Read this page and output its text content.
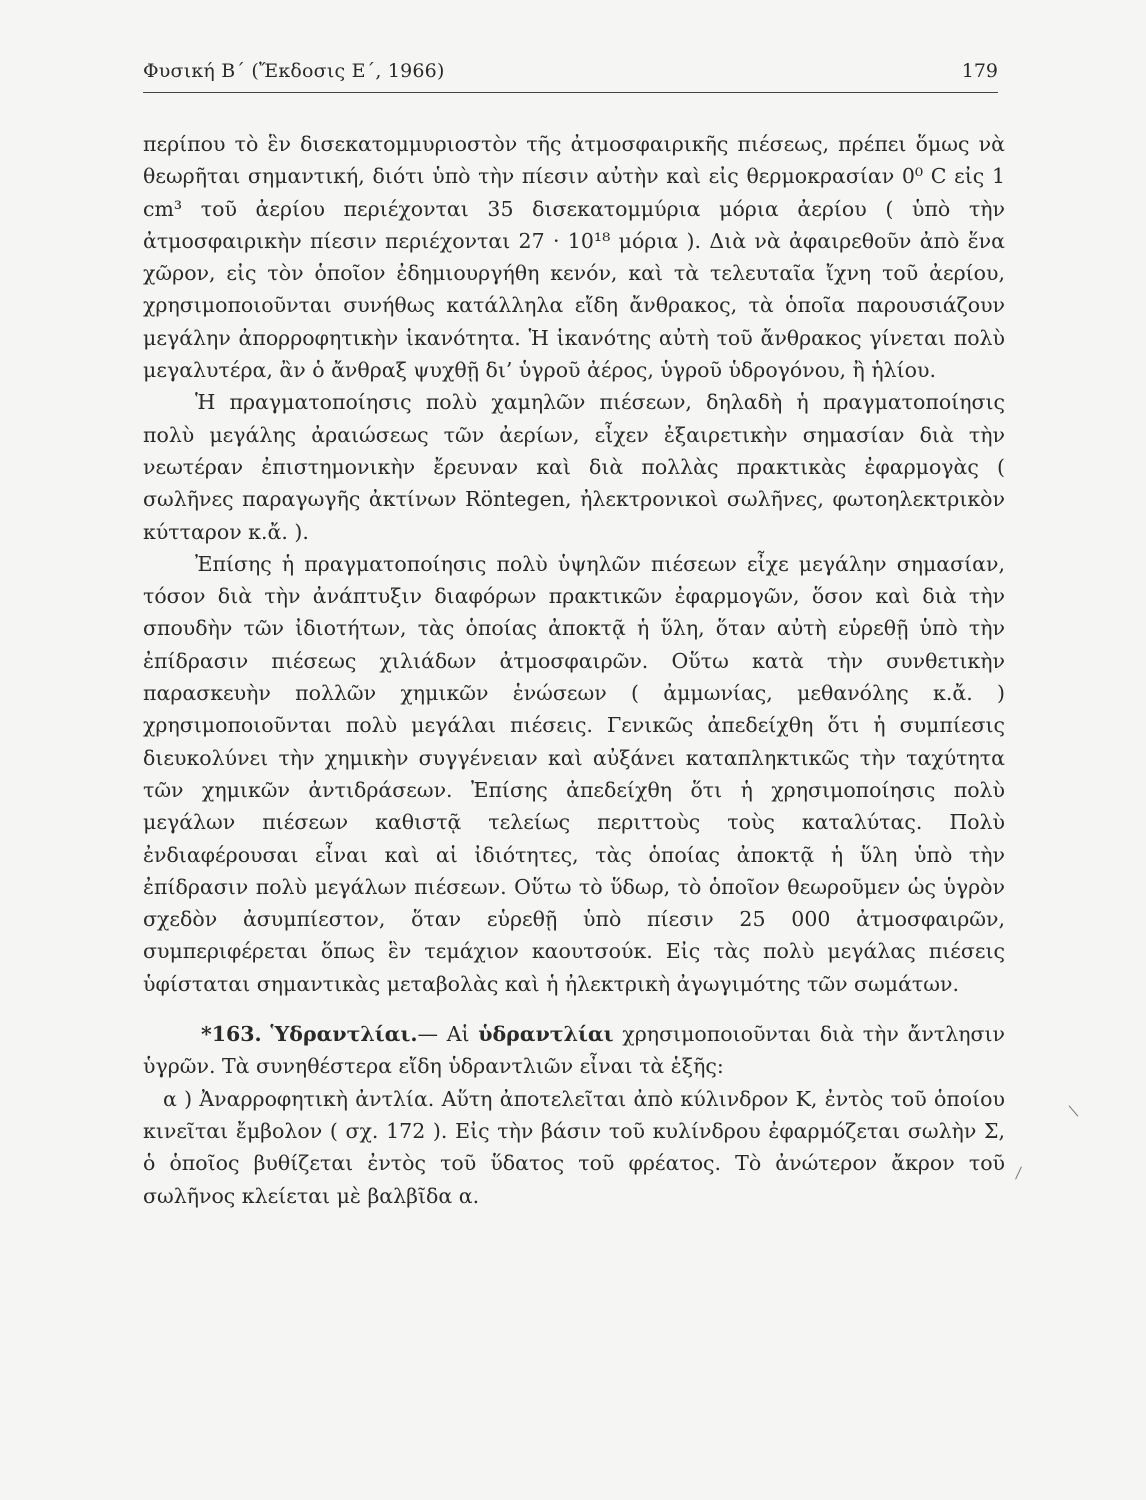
Φυσική Β΄ (Ἔκδοσις Ε΄, 1966)	179

περίπου τὸ ἓν δισεκατομμυριοστὸν τῆς ἀτμοσφαιρικῆς πιέσεως, πρέπει ὅμως νὰ θεωρῆται σημαντική, διότι ὑπὸ τὴν πίεσιν αὐτὴν καὶ εἰς θερμοκρασίαν 0⁰ C εἰς 1 cm³ τοῦ ἀερίου περιέχονται 35 δισεκατομμύρια μόρια ἀερίου ( ὑπὸ τὴν ἀτμοσφαιρικὴν πίεσιν περιέχονται 27 · 10¹⁸ μόρια ). Διὰ νὰ ἀφαιρεθοῦν ἀπὸ ἕνα χῶρον, εἰς τὸν ὁποῖον ἐδημιουργήθη κενόν, καὶ τὰ τελευταῖα ἴχνη τοῦ ἀερίου, χρησιμοποιοῦνται συνήθως κατάλληλα εἴδη ἄνθρακος, τὰ ὁποῖα παρουσιάζουν μεγάλην ἀπορροφητικὴν ἱκανότητα. Ἡ ἱκανότης αὐτὴ τοῦ ἄνθρακος γίνεται πολὺ μεγαλυτέρα, ἂν ὁ ἄνθραξ ψυχθῇ δι’ ὑγροῦ ἀέρος, ὑγροῦ ὑδρογόνου, ἢ ἡλίου.

Ἡ πραγματοποίησις πολὺ χαμηλῶν πιέσεων, δηλαδὴ ἡ πραγματοποίησις πολὺ μεγάλης ἀραιώσεως τῶν ἀερίων, εἶχεν ἐξαιρετικὴν σημασίαν διὰ τὴν νεωτέραν ἐπιστημονικὴν ἔρευναν καὶ διὰ πολλὰς πρακτικὰς ἐφαρμογὰς ( σωλῆνες παραγωγῆς ἀκτίνων Röntegen, ἠλεκτρονικοὶ σωλῆνες, φωτοηλεκτρικὸν κύτταρον κ.ἄ. ).

Ἐπίσης ἡ πραγματοποίησις πολὺ ὑψηλῶν πιέσεων εἶχε μεγάλην σημασίαν, τόσον διὰ τὴν ἀνάπτυξιν διαφόρων πρακτικῶν ἐφαρμογῶν, ὅσον καὶ διὰ τὴν σπουδὴν τῶν ἰδιοτήτων, τὰς ὁποίας ἀποκτᾷ ἡ ὕλη, ὅταν αὐτὴ εὑρεθῇ ὑπὸ τὴν ἐπίδρασιν πιέσεως χιλιάδων ἀτμοσφαιρῶν. Οὕτω κατὰ τὴν συνθετικὴν παρασκευὴν πολλῶν χημικῶν ἑνώσεων ( ἀμμωνίας, μεθανόλης κ.ἄ. ) χρησιμοποιοῦνται πολὺ μεγάλαι πιέσεις. Γενικῶς ἀπεδείχθη ὅτι ἡ συμπίεσις διευκολύνει τὴν χημικὴν συγγένειαν καὶ αὐξάνει καταπληκτικῶς τὴν ταχύτητα τῶν χημικῶν ἀντιδράσεων. Ἐπίσης ἀπεδείχθη ὅτι ἡ χρησιμοποίησις πολὺ μεγάλων πιέσεων καθιστᾷ τελείως περιττοὺς τοὺς καταλύτας. Πολὺ ἐνδιαφέρουσαι εἶναι καὶ αἱ ἰδιότητες, τὰς ὁποίας ἀποκτᾷ ἡ ὕλη ὑπὸ τὴν ἐπίδρασιν πολὺ μεγάλων πιέσεων. Οὕτω τὸ ὕδωρ, τὸ ὁποῖον θεωροῦμεν ὡς ὑγρὸν σχεδὸν ἀσυμπίεστον, ὅταν εὑρεθῇ ὑπὸ πίεσιν 25 000 ἀτμοσφαιρῶν, συμπεριφέρεται ὅπως ἓν τεμάχιον καουτσούκ. Εἰς τὰς πολὺ μεγάλας πιέσεις ὑφίσταται σημαντικὰς μεταβολὰς καὶ ἡ ἠλεκτρικὴ ἀγωγιμότης τῶν σωμάτων.

*163. Ὑδραντλίαι.— Αἱ ὑδραντλίαι χρησιμοποιοῦνται διὰ τὴν ἄντλησιν ὑγρῶν. Τὰ συνηθέστερα εἴδη ὑδραντλιῶν εἶναι τὰ ἑξῆς:

α ) Ἀναρροφητικὴ ἀντλία. Αὕτη ἀποτελεῖται ἀπὸ κύλινδρον Κ, ἐντὸς τοῦ ὁποίου κινεῖται ἔμβολον ( σχ. 172 ). Εἰς τὴν βάσιν τοῦ κυλίνδρου ἐφαρμόζεται σωλὴν Σ, ὁ ὁποῖος βυθίζεται ἐντὸς τοῦ ὕδατος τοῦ φρέατος. Τὸ ἀνώτερον ἄκρον τοῦ σωλῆνος κλείεται μὲ βαλβῖδα α.
